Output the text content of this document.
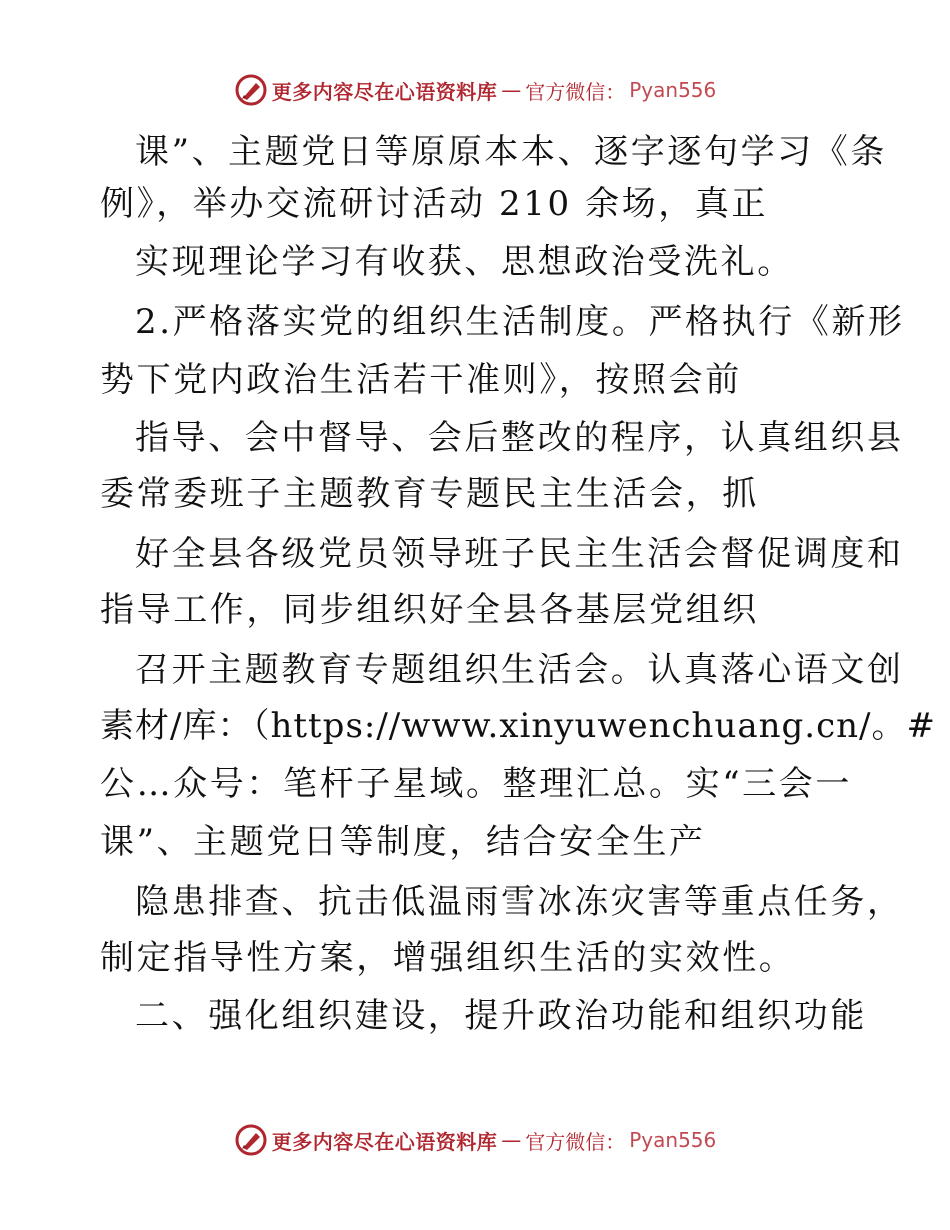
更多内容尽在心语资料库 — 官方微信： Pyan556
课”、主题党日等原原本本、逐字逐句学习《条
例》，举办交流研讨活动 210 余场，真正
实现理论学习有收获、思想政治受洗礼。
2.严格落实党的组织生活制度。严格执行《新形
势下党内政治生活若干准则》，按照会前
指导、会中督导、会后整改的程序，认真组织县
委常委班子主题教育专题民主生活会，抓
好全县各级党员领导班子民主生活会督促调度和
指导工作，同步组织好全县各基层党组织
召开主题教育专题组织生活会。认真落心语文创
素材/库：（https://www.xinyuwenchuang.cn/。#
公…众号：笔杆子星域。整理汇总。实“三会一
课”、主题党日等制度，结合安全生产
隐患排查、抗击低温雨雪冰冻灾害等重点任务，
制定指导性方案，增强组织生活的实效性。
二、强化组织建设，提升政治功能和组织功能
更多内容尽在心语资料库 — 官方微信： Pyan556
